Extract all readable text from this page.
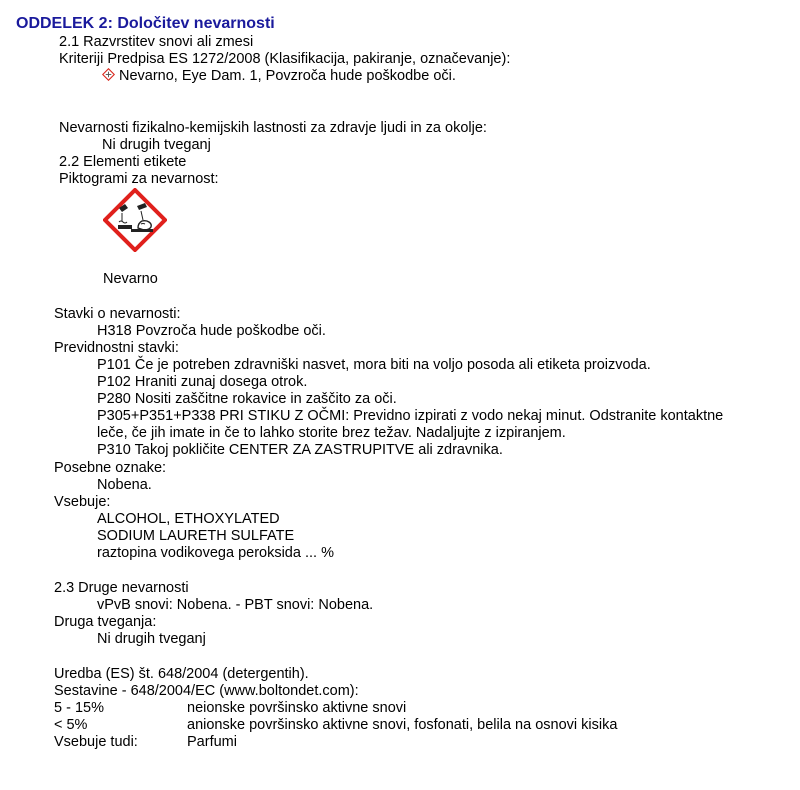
ODDELEK 2: Določitev nevarnosti
2.1 Razvrstitev snovi ali zmesi
Kriteriji Predpisa ES 1272/2008 (Klasifikacija, pakiranje, označevanje):
Nevarno, Eye Dam. 1, Povzroča hude poškodbe oči.
Nevarnosti fizikalno-kemijskih lastnosti za zdravje ljudi in za okolje:
Ni drugih tveganj
2.2 Elementi etikete
Piktogrami za nevarnost:
Nevarno
Stavki o nevarnosti:
H318 Povzroča hude poškodbe oči.
Previdnostni stavki:
P101 Če je potreben zdravniški nasvet, mora biti na voljo posoda ali etiketa proizvoda.
P102 Hraniti zunaj dosega otrok.
P280 Nositi zaščitne rokavice in zaščito za oči.
P305+P351+P338 PRI STIKU Z OČMI: Previdno izpirati z vodo nekaj minut. Odstranite kontaktne
leče, če jih imate in če to lahko storite brez težav. Nadaljujte z izpiranjem.
P310 Takoj pokličite CENTER ZA ZASTRUPITVE ali zdravnika.
Posebne oznake:
Nobena.
Vsebuje:
ALCOHOL, ETHOXYLATED
SODIUM LAURETH SULFATE
raztopina vodikovega peroksida ... %
2.3 Druge nevarnosti
vPvB snovi: Nobena. - PBT snovi: Nobena.
Druga tveganja:
Ni drugih tveganj
Uredba (ES) št. 648/2004 (detergentih).
Sestavine - 648/2004/EC (www.boltondet.com):
5 - 15%	neionske površinsko aktivne snovi
< 5%	anionske površinsko aktivne snovi, fosfonati, belila na osnovi kisika
Vsebuje tudi:	Parfumi
